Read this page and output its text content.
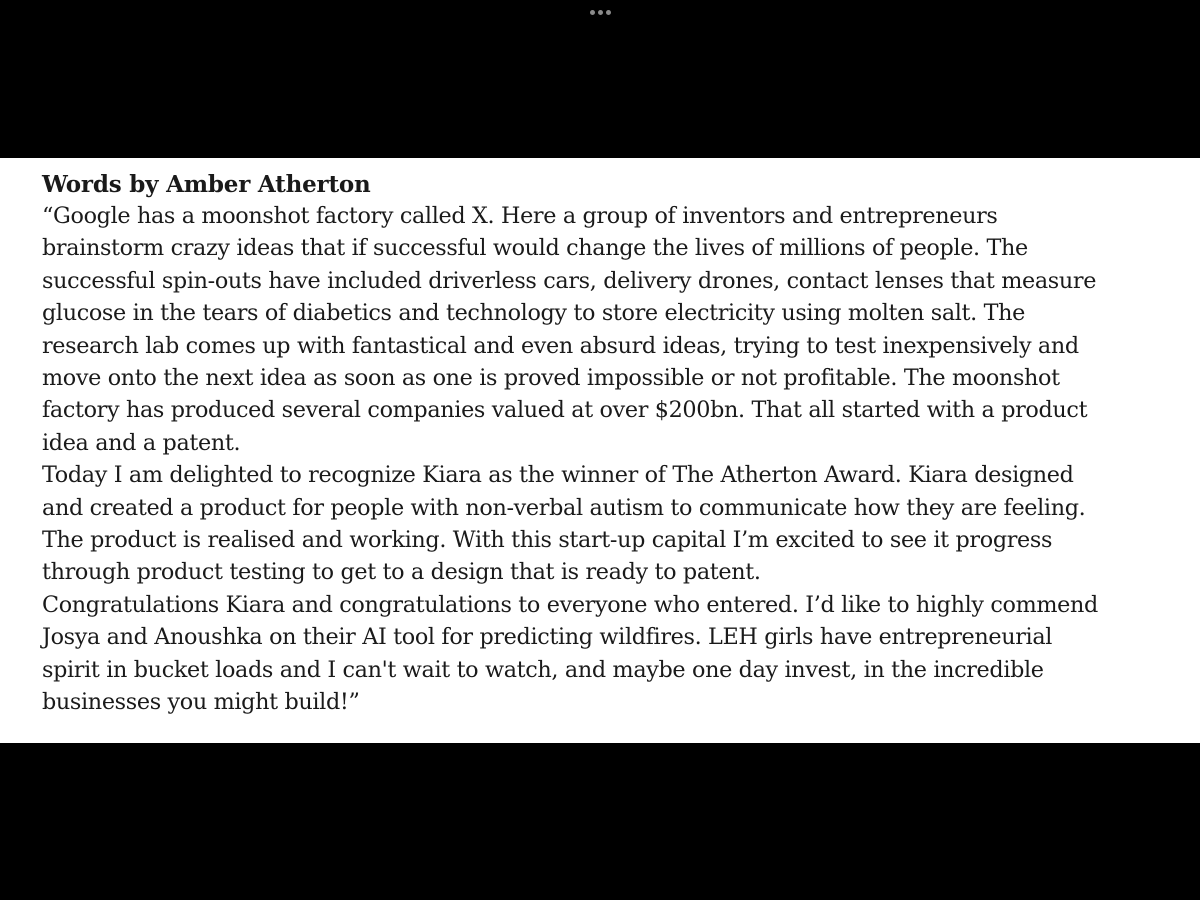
Words by Amber Atherton

“Google has a moonshot factory called X. Here a group of inventors and entrepreneurs
brainstorm crazy ideas that if successful would change the lives of millions of people. The
successful spin-outs have included driverless cars, delivery drones, contact lenses that measure
glucose in the tears of diabetics and technology to store electricity using molten salt. The
research lab comes up with fantastical and even absurd ideas, trying to test inexpensively and
move onto the next idea as soon as one is proved impossible or not profitable. The moonshot
factory has produced several companies valued at over $200bn. That all started with a product
idea and a patent.

Today I am delighted to recognize Kiara as the winner of The Atherton Award. Kiara designed
and created a product for people with non-verbal autism to communicate how they are feeling.
The product is realised and working. With this start-up capital I’m excited to see it progress
through product testing to get to a design that is ready to patent.

Congratulations Kiara and congratulations to everyone who entered. I’d like to highly commend
Josya and Anoushka on their AI tool for predicting wildfires. LEH girls have entrepreneurial
spirit in bucket loads and I can't wait to watch, and maybe one day invest, in the incredible
businesses you might build!”
